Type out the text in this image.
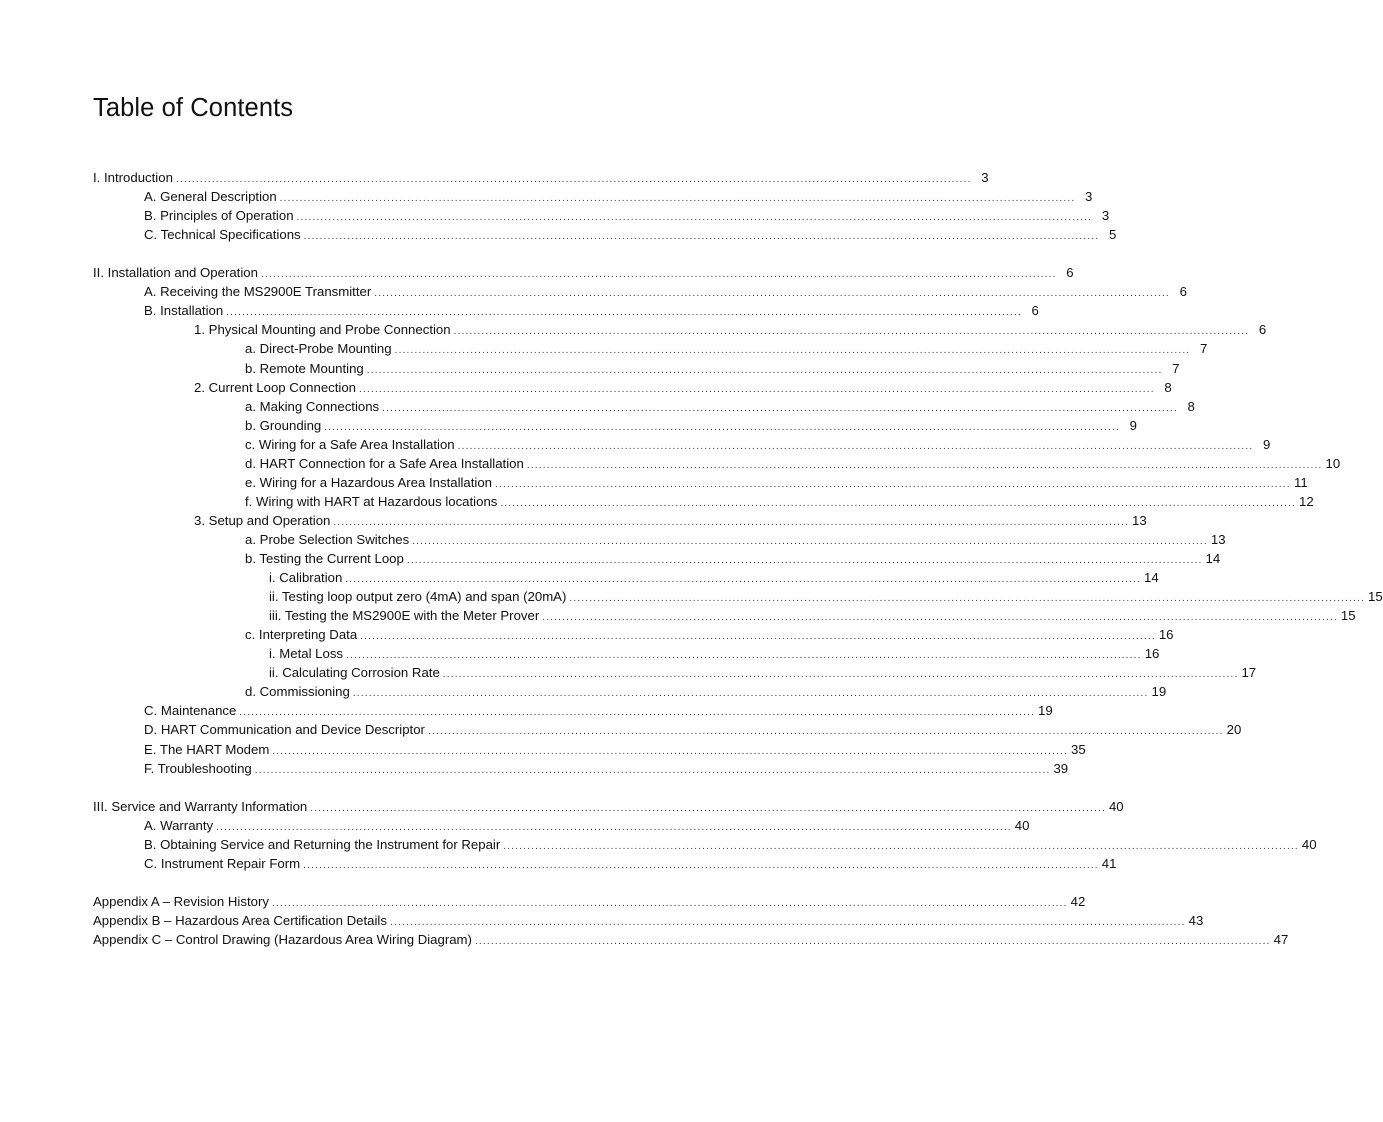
Table of Contents
I. Introduction ........................................................................................................................................................................................................ 3
A. General Description ........................................................................................................................................................................................................ 3
B. Principles of Operation ........................................................................................................................................................................................................ 3
C. Technical Specifications ........................................................................................................................................................................................................ 5
II. Installation and Operation ........................................................................................................................................................................................................ 6
A. Receiving the MS2900E Transmitter ........................................................................................................................................................................................................ 6
B. Installation ........................................................................................................................................................................................................ 6
1. Physical Mounting and Probe Connection ........................................................................................................................................................................................................ 6
a. Direct-Probe Mounting ........................................................................................................................................................................................................ 7
b. Remote Mounting ........................................................................................................................................................................................................ 7
2. Current Loop Connection ........................................................................................................................................................................................................ 8
a. Making Connections ........................................................................................................................................................................................................ 8
b. Grounding ........................................................................................................................................................................................................ 9
c. Wiring for a Safe Area Installation ........................................................................................................................................................................................................ 9
d. HART Connection for a Safe Area Installation ........................................................................................................................................................................................................ 10
e. Wiring for a Hazardous Area Installation ........................................................................................................................................................................................................ 11
f. Wiring with HART at Hazardous locations ........................................................................................................................................................................................................ 12
3. Setup and Operation ........................................................................................................................................................................................................ 13
a. Probe Selection Switches ........................................................................................................................................................................................................ 13
b. Testing the Current Loop ........................................................................................................................................................................................................ 14
i. Calibration ........................................................................................................................................................................................................ 14
ii. Testing loop output zero (4mA) and span (20mA) ........................................................................................................................................................................................................ 15
iii. Testing the MS2900E with the Meter Prover ........................................................................................................................................................................................................ 15
c. Interpreting Data ........................................................................................................................................................................................................ 16
i. Metal Loss ........................................................................................................................................................................................................ 16
ii. Calculating Corrosion Rate ........................................................................................................................................................................................................ 17
d. Commissioning ........................................................................................................................................................................................................ 19
C. Maintenance ........................................................................................................................................................................................................ 19
D. HART Communication and Device Descriptor ........................................................................................................................................................................................................ 20
E. The HART Modem ........................................................................................................................................................................................................ 35
F. Troubleshooting ........................................................................................................................................................................................................ 39
III. Service and Warranty Information ........................................................................................................................................................................................................ 40
A. Warranty ........................................................................................................................................................................................................ 40
B. Obtaining Service and Returning the Instrument for Repair ........................................................................................................................................................................................................ 40
C. Instrument Repair Form ........................................................................................................................................................................................................ 41
Appendix A – Revision History ........................................................................................................................................................................................................ 42
Appendix B – Hazardous Area Certification Details ........................................................................................................................................................................................................ 43
Appendix C – Control Drawing (Hazardous Area Wiring Diagram) ........................................................................................................................................................................................................ 47
